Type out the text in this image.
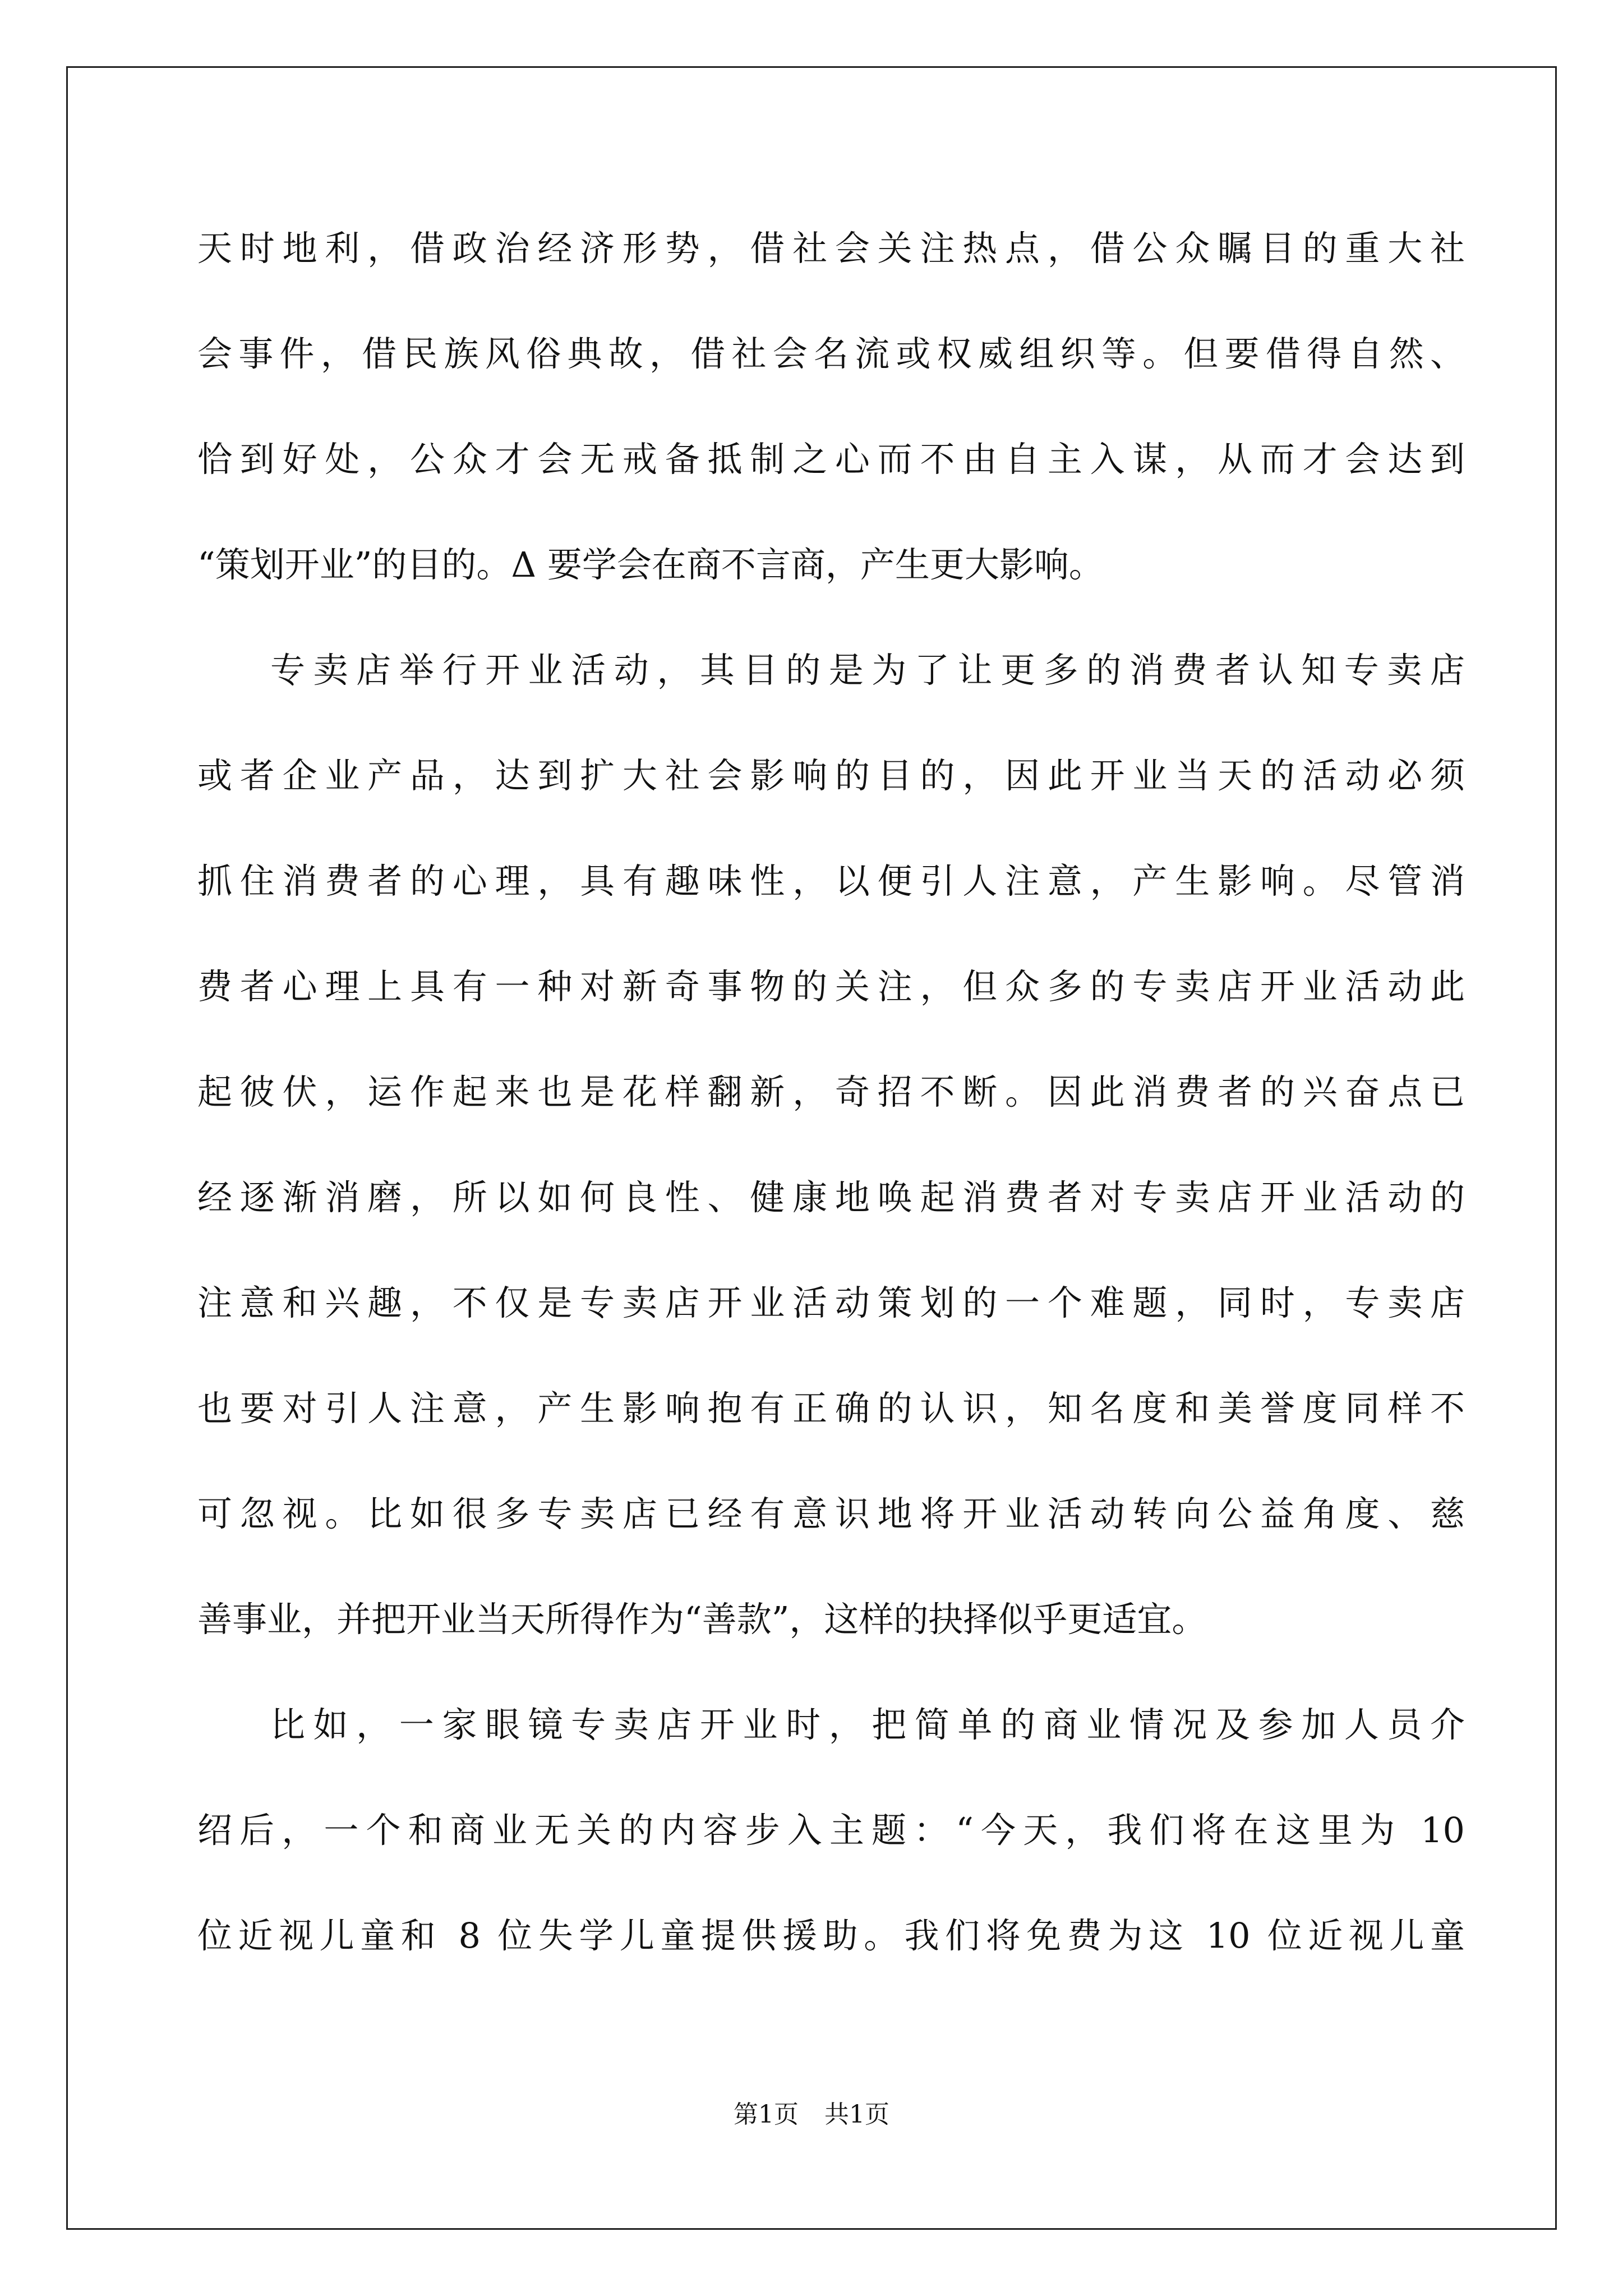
天时地利，借政治经济形势，借社会关注热点，借公众瞩目的重大社
会事件，借民族风俗典故，借社会名流或权威组织等。但要借得自然、
恰到好处，公众才会无戒备抵制之心而不由自主入谋，从而才会达到
“策划开业”的目的。Δ 要学会在商不言商，产生更大影响。
专卖店举行开业活动，其目的是为了让更多的消费者认知专卖店
或者企业产品，达到扩大社会影响的目的，因此开业当天的活动必须
抓住消费者的心理，具有趣味性，以便引人注意，产生影响。尽管消
费者心理上具有一种对新奇事物的关注，但众多的专卖店开业活动此
起彼伏，运作起来也是花样翻新，奇招不断。因此消费者的兴奋点已
经逐渐消磨，所以如何良性、健康地唤起消费者对专卖店开业活动的
注意和兴趣，不仅是专卖店开业活动策划的一个难题，同时，专卖店
也要对引人注意，产生影响抱有正确的认识，知名度和美誉度同样不
可忽视。比如很多专卖店已经有意识地将开业活动转向公益角度、慈
善事业，并把开业当天所得作为“善款”，这样的抉择似乎更适宜。
比如，一家眼镜专卖店开业时，把简单的商业情况及参加人员介
绍后，一个和商业无关的内容步入主题：“今天，我们将在这里为 10
位近视儿童和 8 位失学儿童提供援助。我们将免费为这 10 位近视儿童
第1页 共1页
